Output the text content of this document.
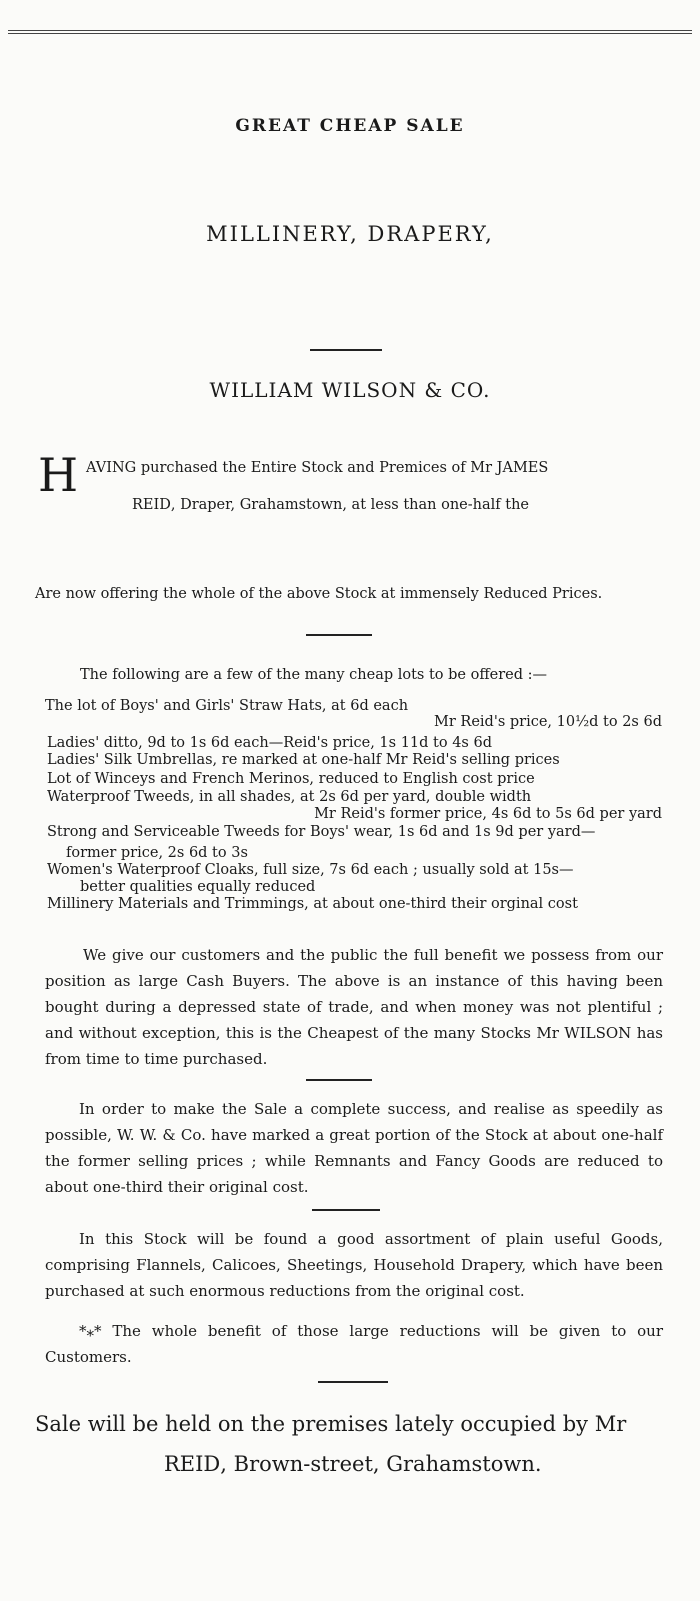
GREAT CHEAP SALE
MILLINERY, DRAPERY,
WILLIAM WILSON & CO.
H AVING purchased the Entire Stock and Premices of Mr JAMES
REID, Draper, Grahamstown, at less than one-half the
Are now offering the whole of the above Stock at immensely Reduced Prices.
The following are a few of the many cheap lots to be offered :—
The lot of Boys' and Girls' Straw Hats, at 6d each
Mr Reid's price, 10½d to 2s 6d
Ladies' ditto, 9d to 1s 6d each—Reid's price, 1s 11d to 4s 6d
Ladies' Silk Umbrellas, re marked at one-half Mr Reid's selling prices
Lot of Winceys and French Merinos, reduced to English cost price
Waterproof Tweeds, in all shades, at 2s 6d per yard, double width
Mr Reid's former price, 4s 6d to 5s 6d per yard
Strong and Serviceable Tweeds for Boys' wear, 1s 6d and 1s 9d per yard—
former price, 2s 6d to 3s
Women's Waterproof Cloaks, full size, 7s 6d each ; usually sold at 15s—
better qualities equally reduced
Millinery Materials and Trimmings, at about one-third their orginal cost
We give our customers and the public the full benefit we possess from our position as large Cash Buyers. The above is an instance of this having been bought during a depressed state of trade, and when money was not plentiful ; and without exception, this is the Cheapest of the many Stocks Mr WILSON has from time to time purchased.
In order to make the Sale a complete success, and realise as speedily as possible, W. W. & Co. have marked a great portion of the Stock at about one-half the former selling prices ; while Remnants and Fancy Goods are reduced to about one-third their original cost.
In this Stock will be found a good assortment of plain useful Goods, comprising Flannels, Calicoes, Sheetings, Household Drapery, which have been purchased at such enormous reductions from the original cost.
*⁎* The whole benefit of those large reductions will be given to our Customers.
Sale will be held on the premises lately occupied by Mr
REID, Brown-street, Grahamstown.
